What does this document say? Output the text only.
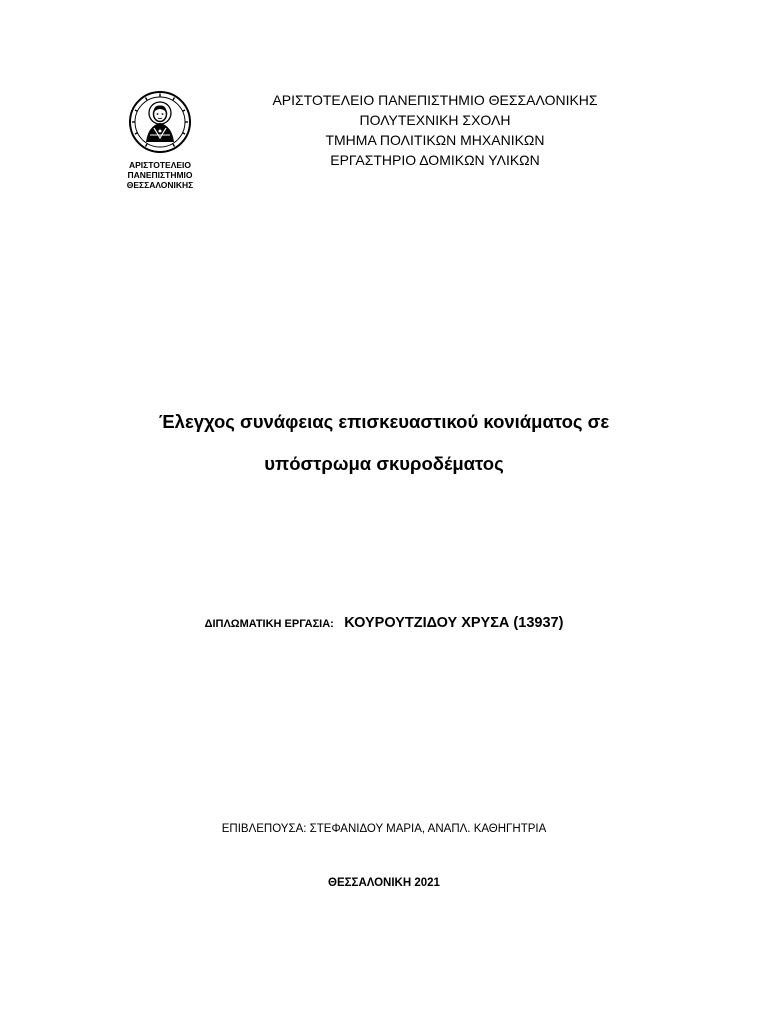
ΑΡΙΣΤΟΤΕΛΕΙΟ
ΠΑΝΕΠΙΣΤΗΜΙΟ
ΘΕΣΣΑΛΟΝΙΚΗΣ
ΑΡΙΣΤΟΤΕΛΕΙΟ ΠΑΝΕΠΙΣΤΗΜΙΟ ΘΕΣΣΑΛΟΝΙΚΗΣ
ΠΟΛΥΤΕΧΝΙΚΗ ΣΧΟΛΗ
ΤΜΗΜΑ ΠΟΛΙΤΙΚΩΝ ΜΗΧΑΝΙΚΩΝ
ΕΡΓΑΣΤΗΡΙΟ ΔΟΜΙΚΩΝ ΥΛΙΚΩΝ
Έλεγχος συνάφειας επισκευαστικού κονιάματος σε
υπόστρωμα σκυροδέματος
ΔΙΠΛΩΜΑΤΙΚΗ ΕΡΓΑΣΙΑ: ΚΟΥΡΟΥΤΖΙΔΟΥ ΧΡΥΣΑ (13937)
ΕΠΙΒΛΕΠΟΥΣΑ: ΣΤΕΦΑΝΙΔΟΥ ΜΑΡΙΑ, ΑΝΑΠΛ. ΚΑΘΗΓΗΤΡΙΑ
ΘΕΣΣΑΛΟΝΙΚΗ 2021
